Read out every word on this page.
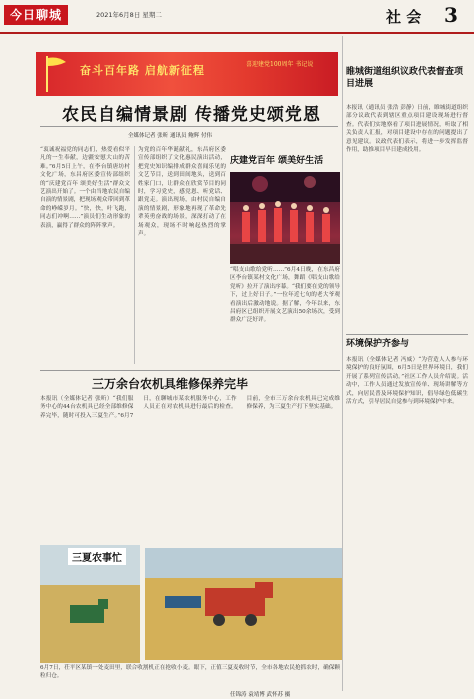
今日聊城	2021年6月8日 星期二	社 会 3
奋斗百年路 启航新征程	喜迎建党100周年 书记说
农民自编情景剧 传播党史颂党恩
全媒体记者 张昕 通讯员 鲍辉 付伟
“衷诚祝福党的同志们，热爱看似平凡的一生奉献，边疆安慰大山的苦难。”6月5日上午，在李台镇唐坊村文化广场，东昌府区委宣传部组织的“庆建党百年 颂美好生活”群众文艺演出开始了。一个由当地农民自编自演的情景剧，把现场观众带回到革命的峥嵘岁月。“快，快，叶飞跑，同志们冲啊……”演员们生动形象的表演，赢得了群众的阵阵掌声。
为党的百年华诞献礼，东昌府区委宣传部组织了文化惠民演出活动，把党史知识编排成群众喜闻乐见的文艺节目，送到田间地头，送到百姓家门口，让群众在欣赏节目的同时，学习党史，感党恩、听党话、跟党走。演出现场，由村民自编自演的情景剧，形象地再现了革命先辈英勇奋战的场景，深深打动了在场观众，现场不时响起热烈的掌声。
庆建党百年 颂美好生活
“唱支山歌给党听……”6月4日晚，在东昌府区李台镇某村文化广场，舞蹈《唱支山歌给党听》拉开了演出序幕。“我们要在党的领导下，过上好日子。”一位年近七旬的老大爷观看演出后激动地说。据了解，今年以来，东昌府区已组织开展文艺演出50余场次，受到群众广泛好评。
三万余台农机具维修保养完毕
本报讯（全媒体记者 张昕）“我们服务中心的44台农机具已经全部维修保养完毕，随时可投入三夏生产。”6月7日，在聊城市某农机服务中心，工作人员正在对农机具进行最后的检查。目前，全市三万余台农机具已完成维修保养，为三夏生产打下坚实基础。
三夏农事忙
6月7日，茌平区某镇一处麦田里，联合收割机正在抢收小麦。眼下，正值三夏麦收时节，全市各地农民抢抓农时，确保颗粒归仓。
任锦涛 袁靖博 武怀苏 摄
睢城街道组织议政代表督查项目进展
本报讯（通讯员 张浩 彭静）日前，睢城街道组织部分议政代表到辖区重点项目建设现场进行督查。代表们实地察看了项目进展情况，听取了相关负责人汇报，对项目建设中存在的问题提出了意见建议。议政代表们表示，将进一步发挥监督作用，助推项目早日建成投用。
环境保护齐参与
本报讯（全媒体记者 冯威）“为营造人人参与环境保护的良好氛围，6月5日是世界环境日，我们开展了系列宣传活动。”社区工作人员介绍说。活动中，工作人员通过发放宣传单、现场讲解等方式，向居民普及环境保护知识，倡导绿色低碳生活方式，引导居民自觉参与到环境保护中来。
